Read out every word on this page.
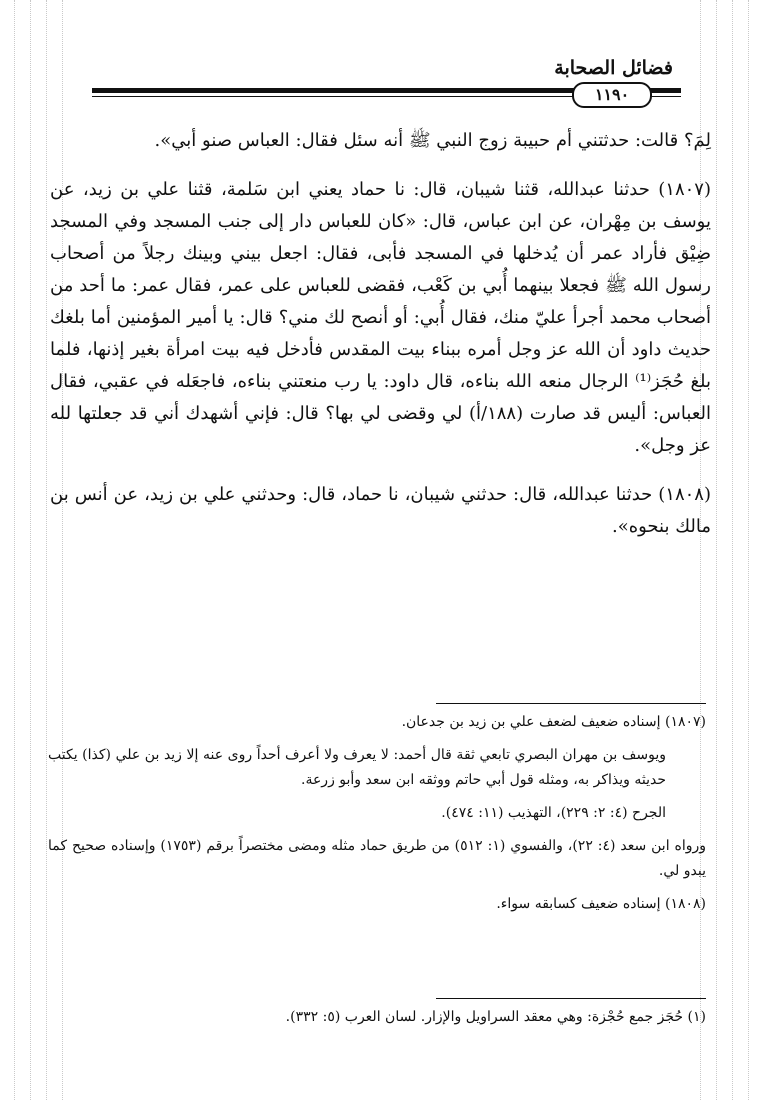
فضائل الصحابة
١١٩٠

لِمَ؟ قالت: حدثتني أم حبيبة زوج النبي ﷺ أنه سئل فقال: العباس صنو أبي».

(١٨٠٧) حدثنا عبدالله، قثنا شيبان، قال: نا حماد يعني ابن سَلمة، قثنا علي بن زيد، عن يوسف بن مِهْران، عن ابن عباس، قال: «كان للعباس دار إلى جنب المسجد وفي المسجد ضِيْق فأراد عمر أن يُدخلها في المسجد فأبى، فقال: اجعل بيني وبينك رجلاً من أصحاب رسول الله ﷺ فجعلا بينهما أُبي بن كَعْب، فقضى للعباس على عمر، فقال عمر: ما أحد من أصحاب محمد أجرأ عليّ منك، فقال أُبي: أو أنصح لك مني؟ قال: يا أمير المؤمنين أما بلغك حديث داود أن الله عز وجل أمره ببناء بيت المقدس فأدخل فيه بيت امرأة بغير إذنها، فلما بلغ حُجَز⁽¹⁾ الرجال منعه الله بناءه، قال داود: يا رب منعتني بناءه، فاجعَله في عقبي، فقال العباس: أليس قد صارت (١٨٨/أ) لي وقضى لي بها؟ قال: فإني أشهدك أني قد جعلتها لله عز وجل».

(١٨٠٨) حدثنا عبدالله، قال: حدثني شيبان، نا حماد، قال: وحدثني علي بن زيد، عن أنس بن مالك بنحوه».

(١٨٠٧) إسناده ضعيف لضعف علي بن زيد بن جدعان.

ويوسف بن مهران البصري تابعي ثقة قال أحمد: لا يعرف ولا أعرف أحداً روى عنه إلا زيد بن علي (كذا) يكتب حديثه ويذاكر به، ومثله قول أبي حاتم ووثقه ابن سعد وأبو زرعة.

الجرح (٤: ٢: ٢٢٩)، التهذيب (١١: ٤٧٤).

ورواه ابن سعد (٤: ٢٢)، والفسوي (١: ٥١٢) من طريق حماد مثله ومضى مختصراً برقم (١٧٥٣) وإسناده صحيح كما يبدو لي.

(١٨٠٨) إسناده ضعيف كسابقه سواء.

(١) حُجَز جمع حُجْزة: وهي معقد السراويل والإزار. لسان العرب (٥: ٣٣٢).
